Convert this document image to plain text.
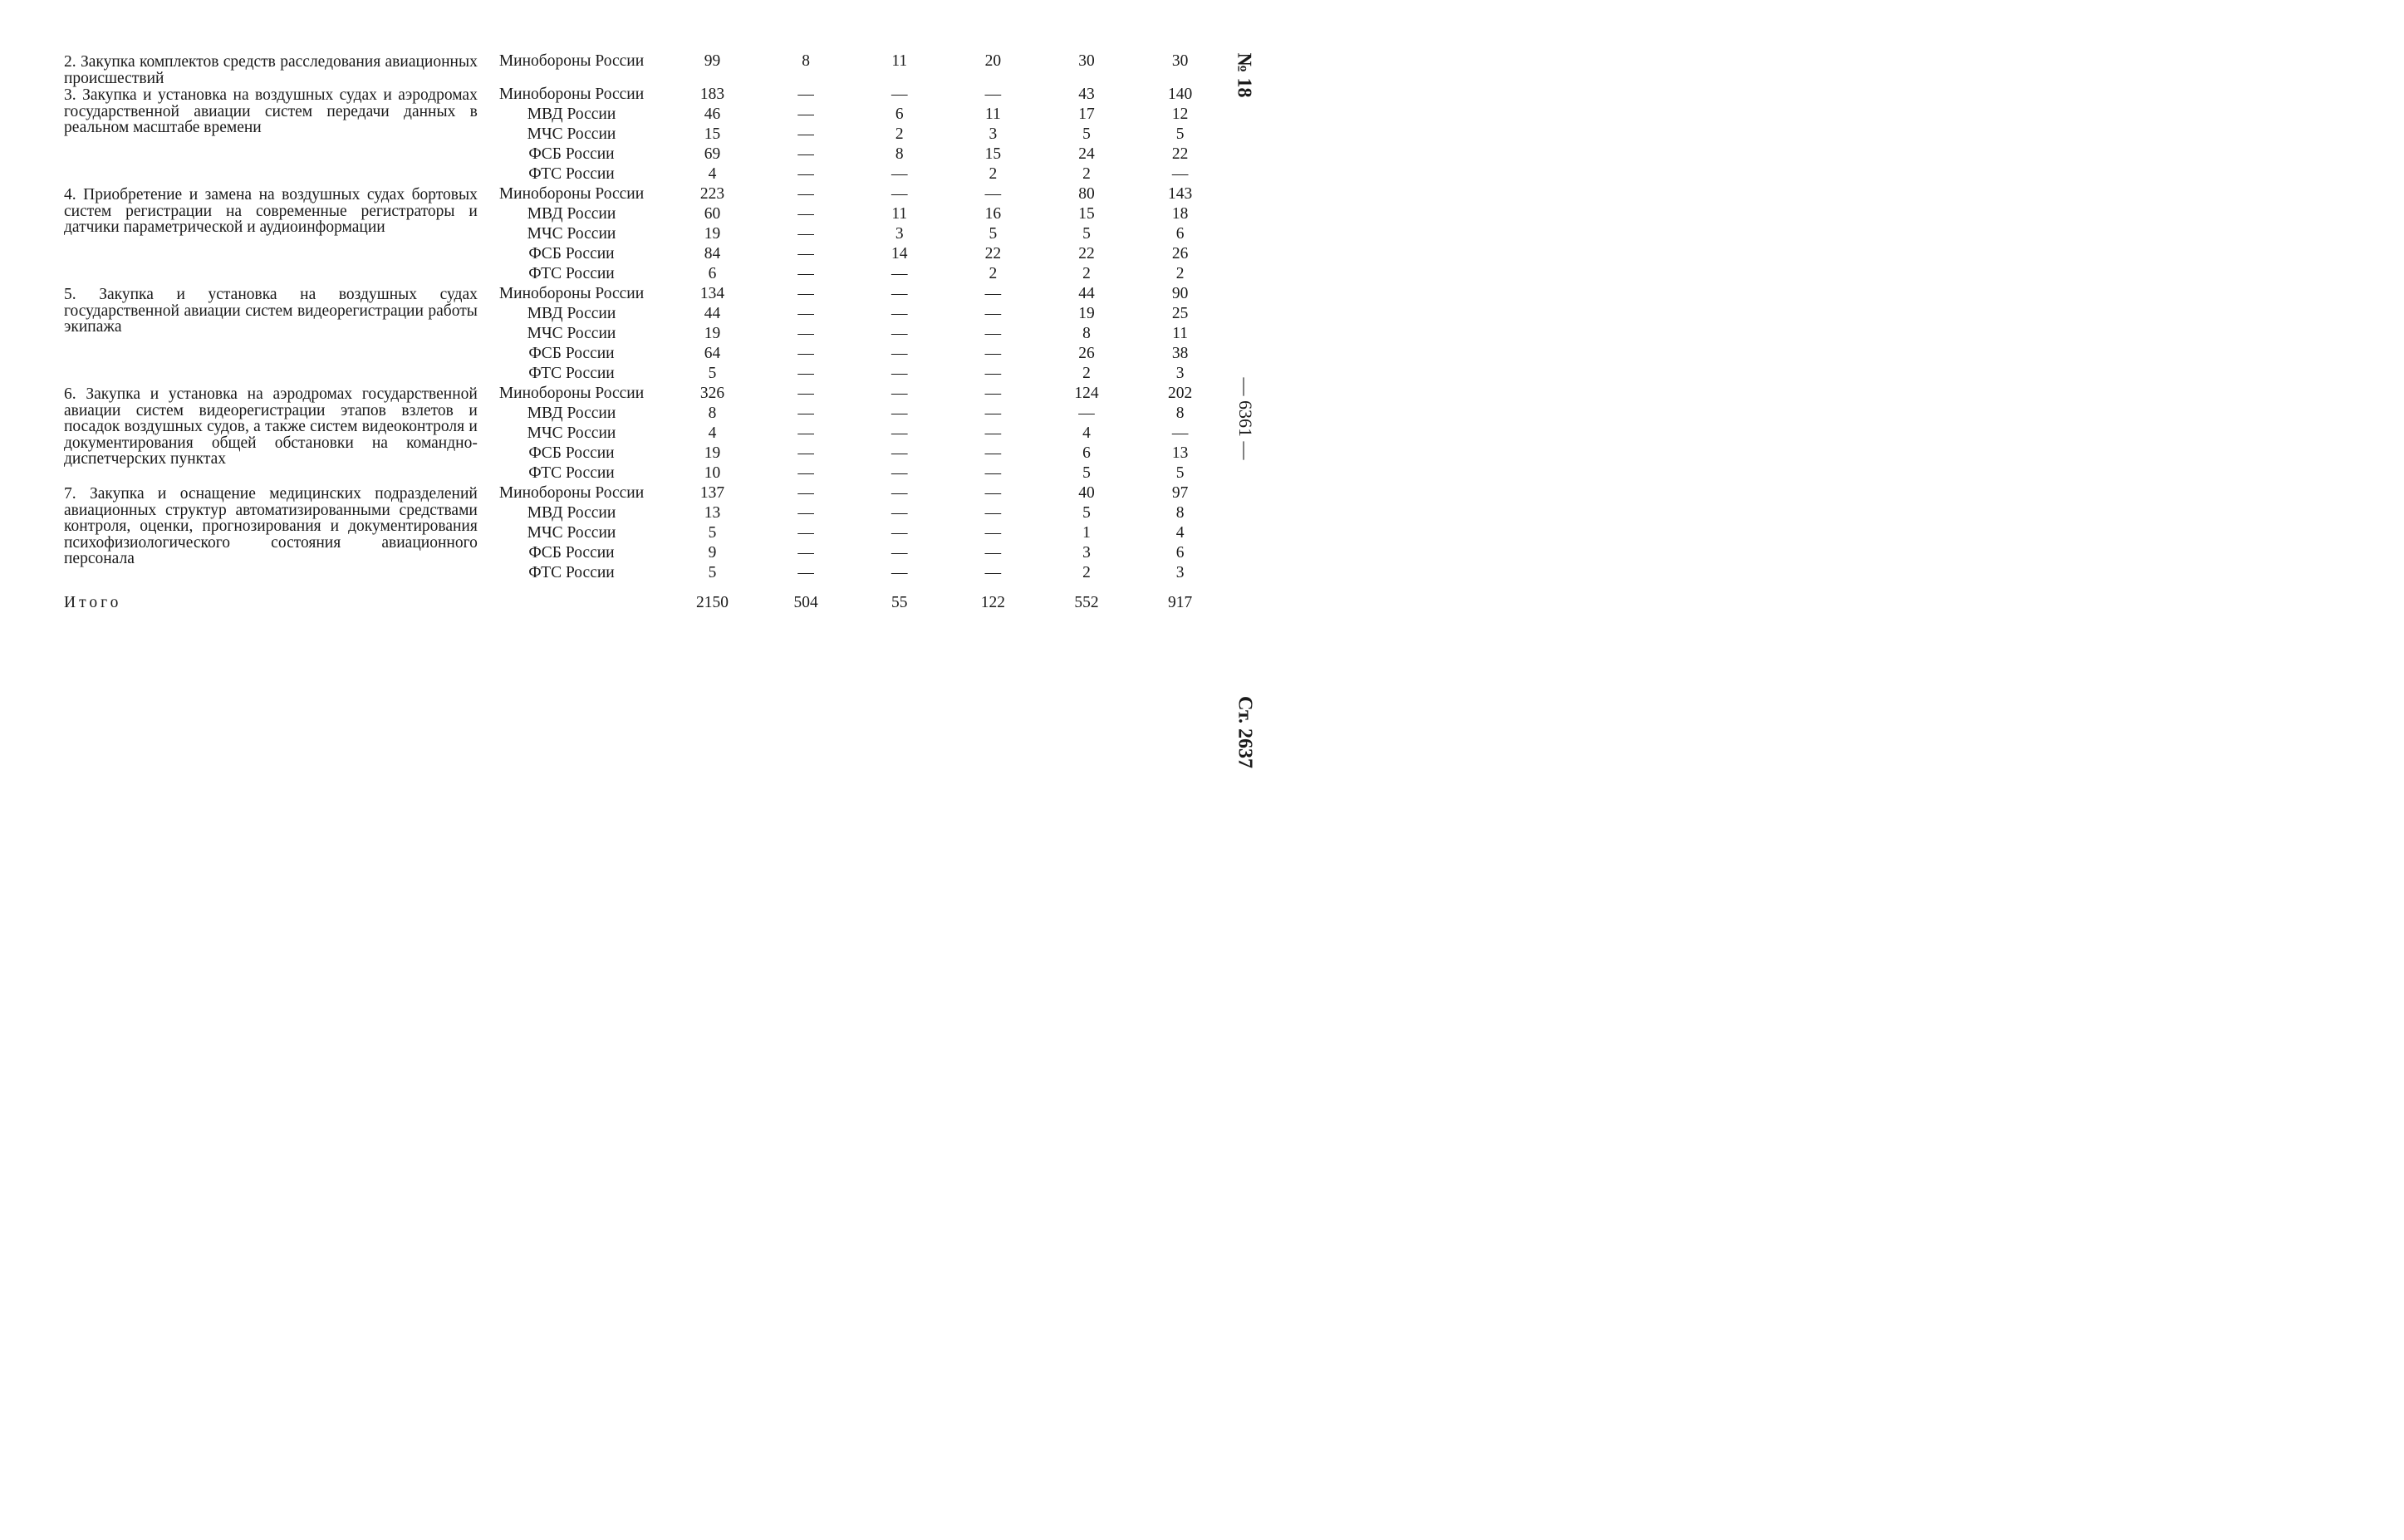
2. Закупка комплектов средств расследования авиационных происшествий	Минобороны России	99	8	11	20	30	30
3. Закупка и установка на воздушных судах и аэродромах государственной авиации систем передачи данных в реальном масштабе времени	Минобороны России	183	—	—	—	43	140
	МВД России	46	—	6	11	17	12
	МЧС России	15	—	2	3	5	5
	ФСБ России	69	—	8	15	24	22
	ФТС России	4	—	—	2	2	—
4. Приобретение и замена на воздушных судах бортовых систем регистрации на современные регистраторы и датчики параметрической и аудиоинформации	Минобороны России	223	—	—	—	80	143
	МВД России	60	—	11	16	15	18
	МЧС России	19	—	3	5	5	6
	ФСБ России	84	—	14	22	22	26
	ФТС России	6	—	—	2	2	2
5. Закупка и установка на воздушных судах государственной авиации систем видеорегистрации работы экипажа	Минобороны России	134	—	—	—	44	90
	МВД России	44	—	—	—	19	25
	МЧС России	19	—	—	—	8	11
	ФСБ России	64	—	—	—	26	38
	ФТС России	5	—	—	—	2	3
6. Закупка и установка на аэродромах государственной авиации систем видеорегистрации этапов взлетов и посадок воздушных судов, а также систем видеоконтроля и документирования общей обстановки на командно-диспетчерских пунктах	Минобороны России	326	—	—	—	124	202
	МВД России	8	—	—	—	—	8
	МЧС России	4	—	—	—	4	—
	ФСБ России	19	—	—	—	6	13
	ФТС России	10	—	—	—	5	5
7. Закупка и оснащение медицинских подразделений авиационных структур автоматизированными средствами контроля, оценки, прогнозирования и документирования психофизиологического состояния авиационного персонала	Минобороны России	137	—	—	—	40	97
	МВД России	13	—	—	—	5	8
	МЧС России	5	—	—	—	1	4
	ФСБ России	9	—	—	—	3	6
	ФТС России	5	—	—	—	2	3
Итого		2150	504	55	122	552	917
№ 18
— 6361 —
Ст. 2637
